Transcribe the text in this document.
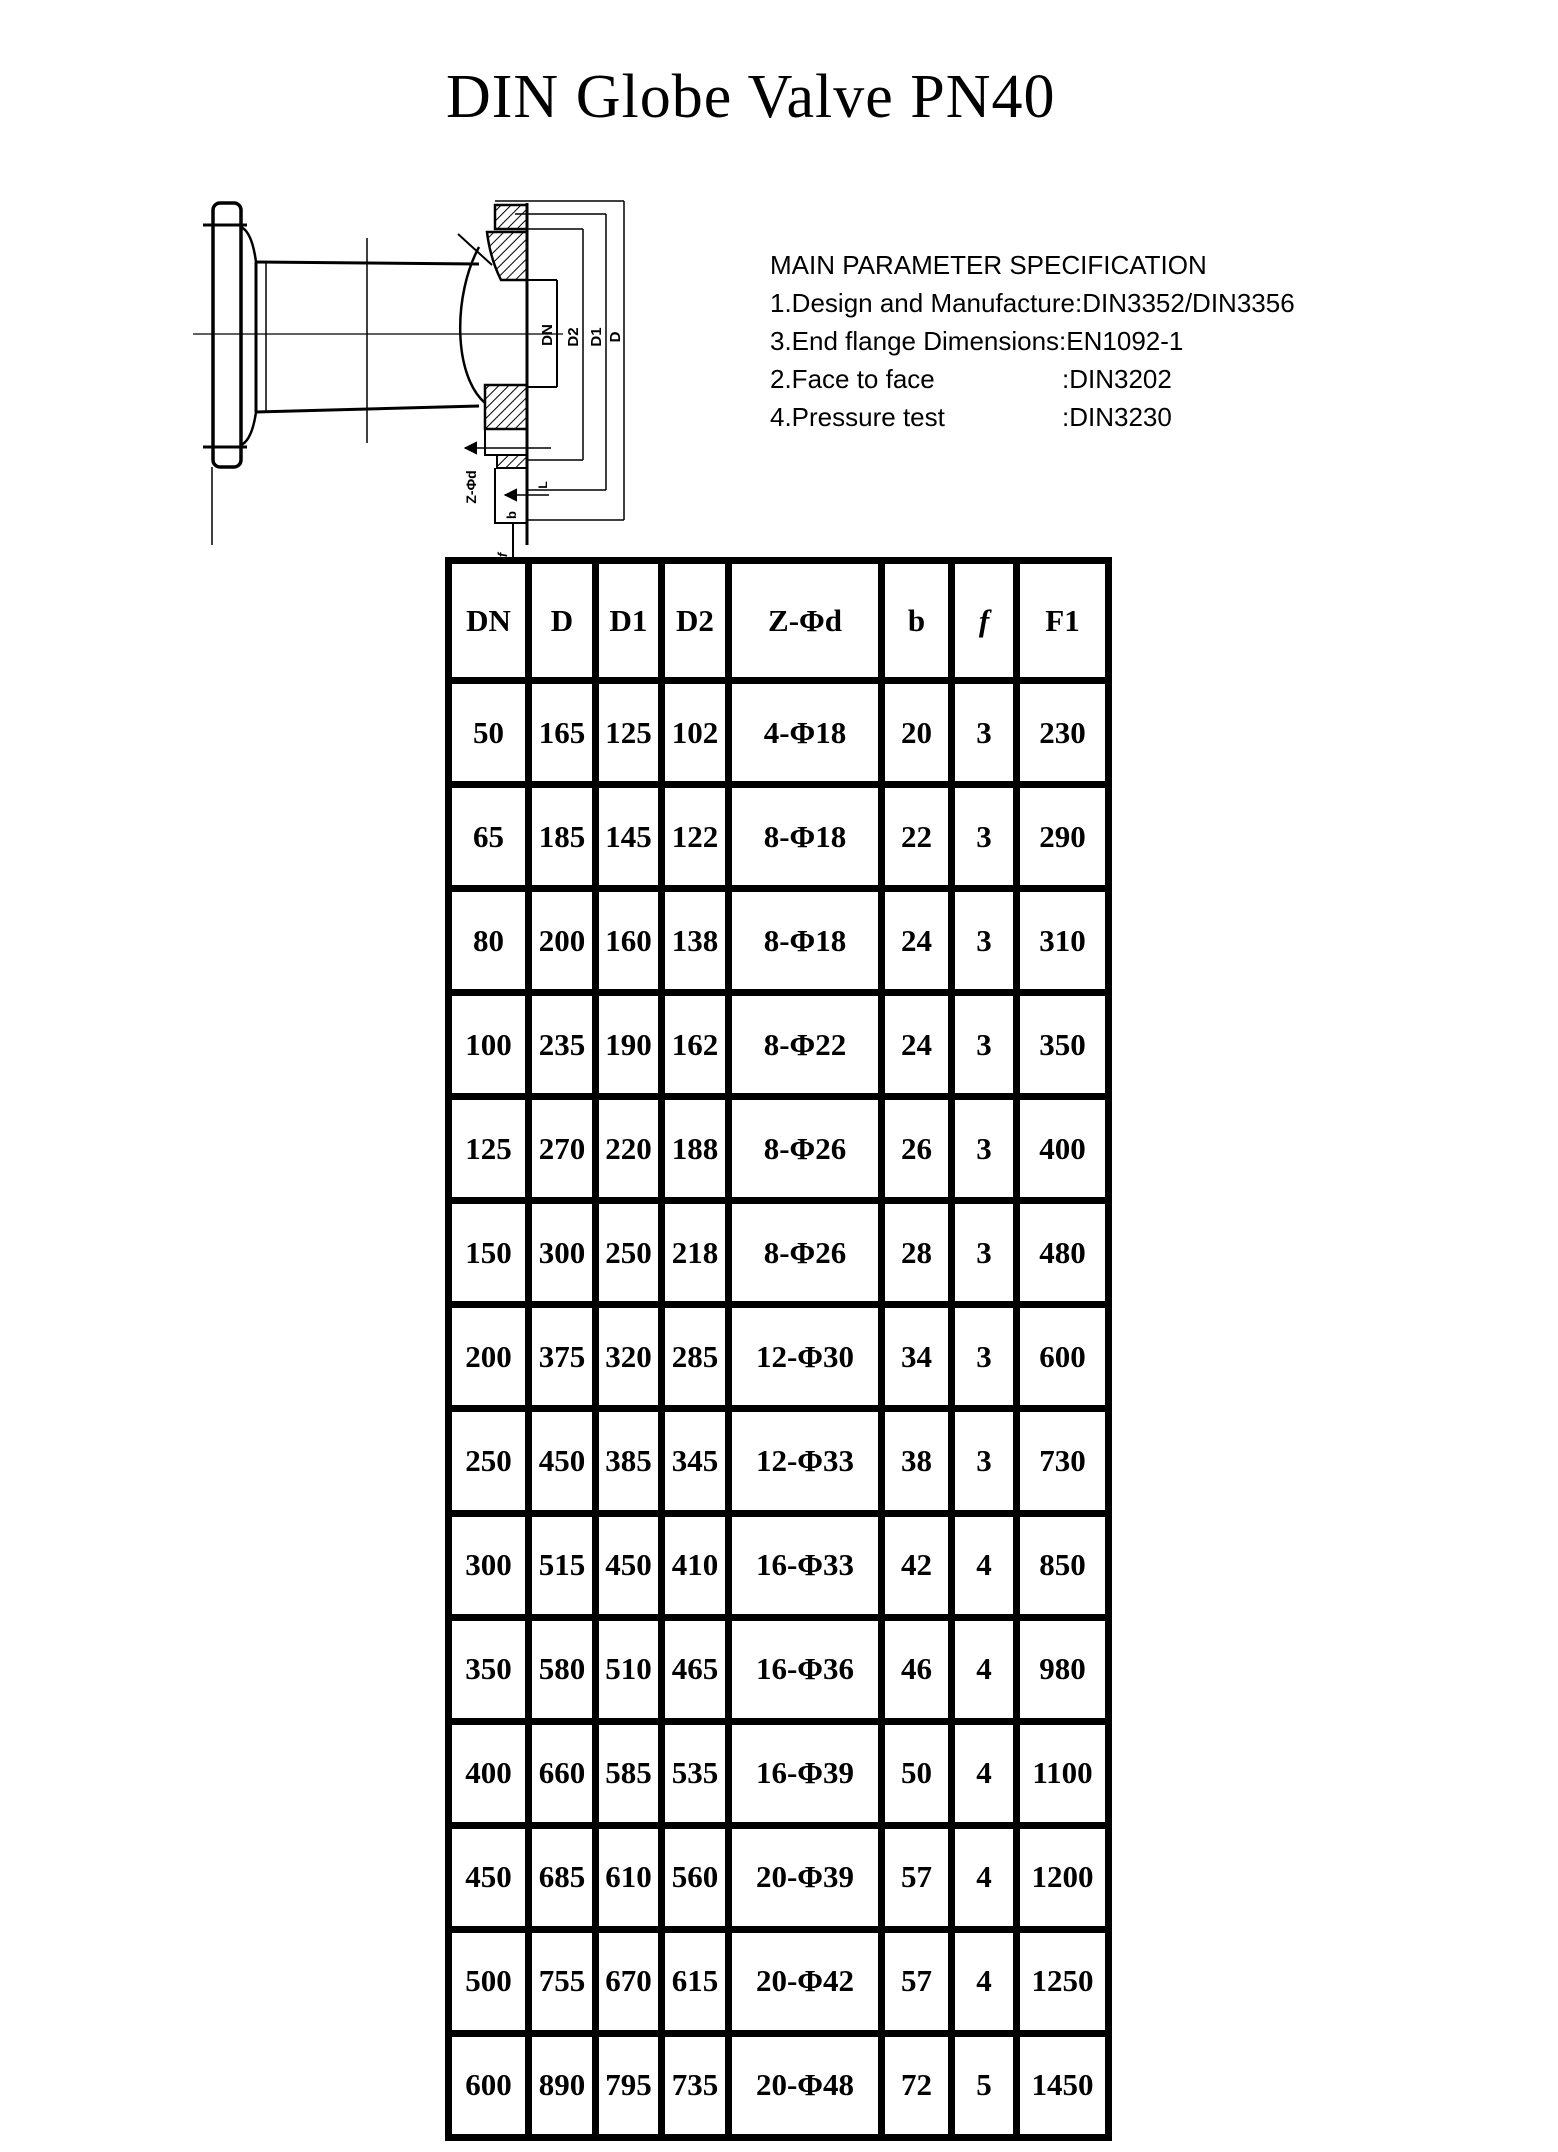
DIN Globe Valve PN40
DN D2 D1 D
Z-Φd
b
L
f
MAIN PARAMETER SPECIFICATION
1.Design and Manufacture: DIN3352/DIN3356
3.End flange Dimensions: EN1092-1
2.Face to face	:DIN3202
4.Pressure test	:DIN3230
DN	D	D1	D2	Z-Φd	b	f	F1
50	165	125	102	4-Φ18	20	3	230
65	185	145	122	8-Φ18	22	3	290
80	200	160	138	8-Φ18	24	3	310
100	235	190	162	8-Φ22	24	3	350
125	270	220	188	8-Φ26	26	3	400
150	300	250	218	8-Φ26	28	3	480
200	375	320	285	12-Φ30	34	3	600
250	450	385	345	12-Φ33	38	3	730
300	515	450	410	16-Φ33	42	4	850
350	580	510	465	16-Φ36	46	4	980
400	660	585	535	16-Φ39	50	4	1100
450	685	610	560	20-Φ39	57	4	1200
500	755	670	615	20-Φ42	57	4	1250
600	890	795	735	20-Φ48	72	5	1450
